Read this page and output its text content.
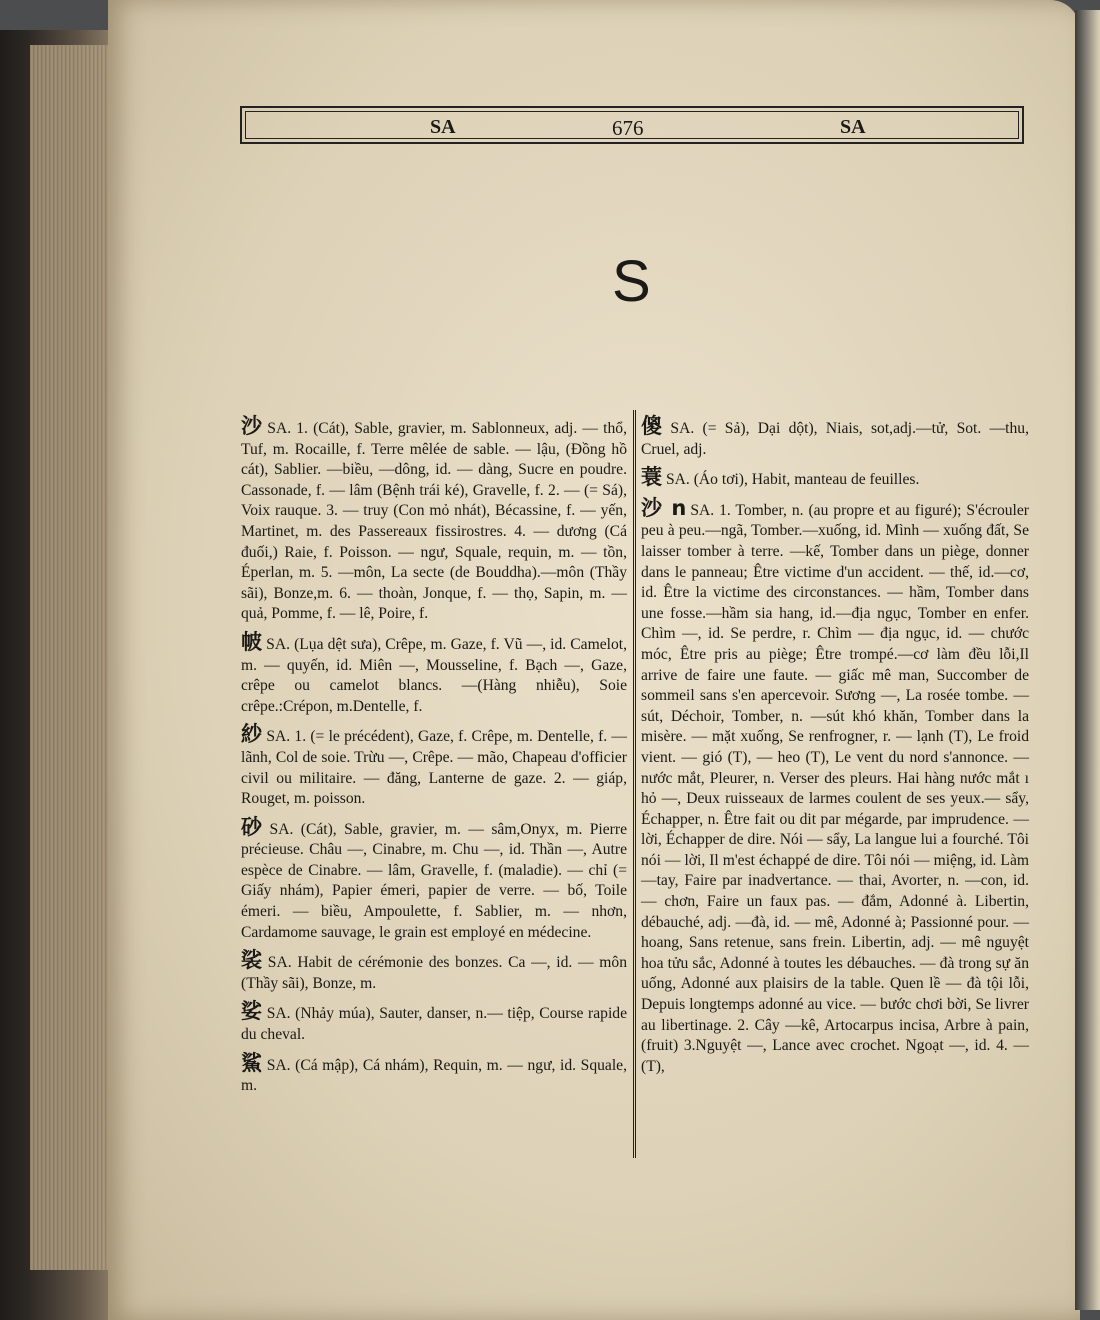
SA	676	SA
S

沙 SA. 1. (Cát), Sable, gravier, m. Sablonneux, adj. — thổ, Tuf, m. Rocaille, f. Terre mêlée de sable. — lậu, (Đồng hồ cát), Sablier. —biều, —dông, id. — dàng, Sucre en poudre. Cassonade, f. — lâm (Bệnh trái ké), Gravelle, f. 2. — (= Sá), Voix rauque. 3. — truy (Con mỏ nhát), Bécassine, f. — yến, Martinet, m. des Passereaux fissirostres. 4. — dương (Cá đuối,) Raie, f. Poisson. — ngư, Squale, requin, m. — tồn, Éperlan, m. 5. —môn, La secte (de Bouddha).—môn (Thầy sãi), Bonze,m. 6. — thoàn, Jonque, f. — thọ, Sapin, m. — quả, Pomme, f. — lê, Poire, f.

帔 SA. (Lụa dệt sưa), Crêpe, m. Gaze, f. Vũ —, id. Camelot, m. — quyến, id. Miên —, Mousseline, f. Bạch —, Gaze, crêpe ou camelot blancs. —(Hàng nhiễu), Soie crêpe.:Crépon, m.Dentelle, f.

紗 SA. 1. (= le précédent), Gaze, f. Crêpe, m. Dentelle, f. — lãnh, Col de soie. Trừu —, Crêpe. — mão, Chapeau d'officier civil ou militaire. — đăng, Lanterne de gaze. 2. — giáp, Rouget, m. poisson.

砂 SA. (Cát), Sable, gravier, m. — sâm,Onyx, m. Pierre précieuse. Châu —, Cinabre, m. Chu —, id. Thần —, Autre espèce de Cinabre. — lâm, Gravelle, f. (maladie). — chỉ (= Giấy nhám), Papier émeri, papier de verre. — bố, Toile émeri. — biều, Ampoulette, f. Sablier, m. — nhơn, Cardamome sauvage, le grain est employé en médecine.

裟 SA. Habit de cérémonie des bonzes. Ca —, id. — môn (Thầy sãi), Bonze, m.

娑 SA. (Nhảy múa), Sauter, danser, n.— tiệp, Course rapide du cheval.

鯊 SA. (Cá mập), Cá nhám), Requin, m. — ngư, id. Squale, m.

傻 SA. (= Sả), Dại dột), Niais, sot,adj.—tử, Sot. —thu, Cruel, adj.

蓑 SA. (Áo tơi), Habit, manteau de feuilles.

沙 n SA. 1. Tomber, n. (au propre et au figuré); S'écrouler peu à peu.—ngã, Tomber.—xuống, id. Mình — xuống đất, Se laisser tomber à terre. —kế, Tomber dans un piège, donner dans le panneau; Être victime d'un accident. — thế, id.—cơ, id. Être la victime des circonstances. — hầm, Tomber dans une fosse.—hầm sia hang, id.—địa ngục, Tomber en enfer. Chìm —, id. Se perdre, r. Chìm — địa ngục, id. — chước móc, Être pris au piège; Être trompé.—cơ làm đều lỗi,Il arrive de faire une faute. — giấc mê man, Succomber de sommeil sans s'en apercevoir. Sương —, La rosée tombe. — sút, Déchoir, Tomber, n. —sút khó khăn, Tomber dans la misère. — mặt xuống, Se renfrogner, r. — lạnh (T), Le froid vient. — gió (T), — heo (T), Le vent du nord s'annonce. — nước mắt, Pleurer, n. Verser des pleurs. Hai hàng nước mắt ı hỏ —, Deux ruisseaux de larmes coulent de ses yeux.— sẩy, Échapper, n. Être fait ou dit par mégarde, par imprudence. — lời, Échapper de dire. Nói — sẩy, La langue lui a fourché. Tôi nói — lời, Il m'est échappé de dire. Tôi nói — miệng, id. Làm—tay, Faire par inadvertance. — thai, Avorter, n. —con, id. — chơn, Faire un faux pas. — đắm, Adonné à. Libertin, débauché, adj. —đà, id. — mê, Adonné à; Passionné pour. — hoang, Sans retenue, sans frein. Libertin, adj. — mê nguyệt hoa tửu sắc, Adonné à toutes les débauches. — đà trong sự ăn uống, Adonné aux plaisirs de la table. Quen lề — đà tội lỗi, Depuis longtemps adonné au vice. — bước chơi bời, Se livrer au libertinage. 2. Cây —kê, Artocarpus incisa, Arbre à pain,(fruit) 3.Nguyệt —, Lance avec crochet. Ngoạt —, id. 4. — (T),
